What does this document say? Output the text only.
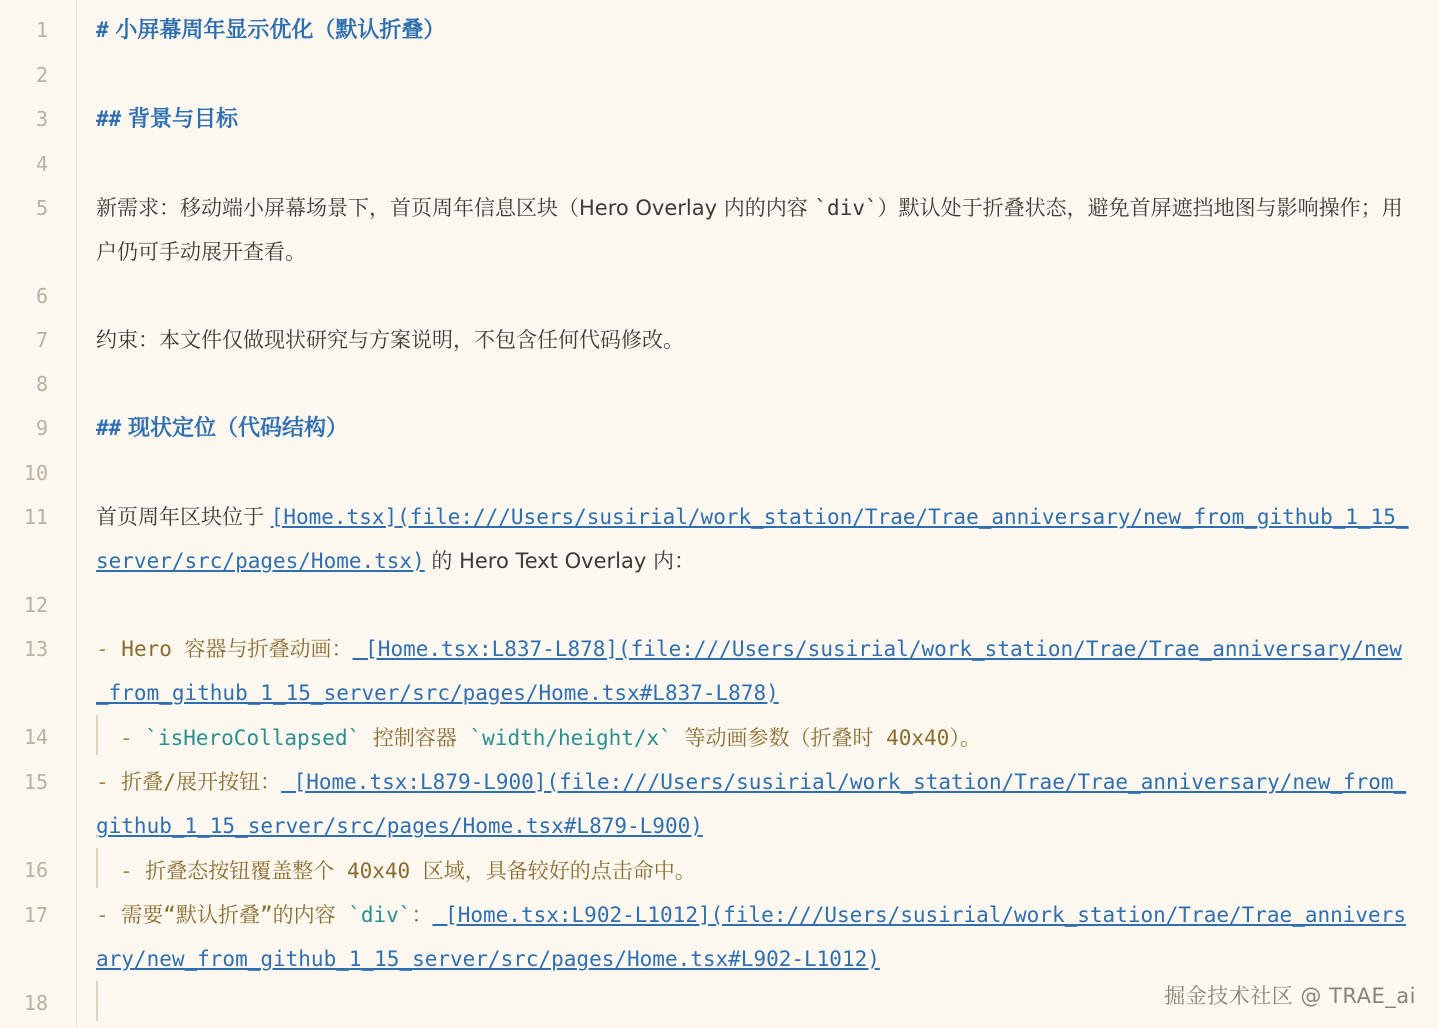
1	# 小屏幕周年显示优化（默认折叠）
2
3	## 背景与目标
4
5	新需求：移动端小屏幕场景下，首页周年信息区块（Hero Overlay 内的内容 `div`）默认处于折叠状态，避免首屏遮挡地图与影响操作；用户仍可手动展开查看。
6
7	约束：本文件仅做现状研究与方案说明，不包含任何代码修改。
8
9	## 现状定位（代码结构）
10
11	首页周年区块位于 [Home.tsx](file:///Users/susirial/work_station/Trae/Trae_anniversary/new_from_github_1_15_server/src/pages/Home.tsx) 的 Hero Text Overlay 内：
12
13	- Hero 容器与折叠动画： [Home.tsx:L837-L878](file:///Users/susirial/work_station/Trae/Trae_anniversary/new_from_github_1_15_server/src/pages/Home.tsx#L837-L878)
14	- `isHeroCollapsed` 控制容器 `width/height/x` 等动画参数（折叠时 40x40）。
15	- 折叠/展开按钮： [Home.tsx:L879-L900](file:///Users/susirial/work_station/Trae/Trae_anniversary/new_from_github_1_15_server/src/pages/Home.tsx#L879-L900)
16	- 折叠态按钮覆盖整个 40x40 区域，具备较好的点击命中。
17	- 需要“默认折叠”的内容 `div`： [Home.tsx:L902-L1012](file:///Users/susirial/work_station/Trae/Trae_anniversary/new_from_github_1_15_server/src/pages/Home.tsx#L902-L1012)
18	掘金技术社区 @ TRAE_ai
